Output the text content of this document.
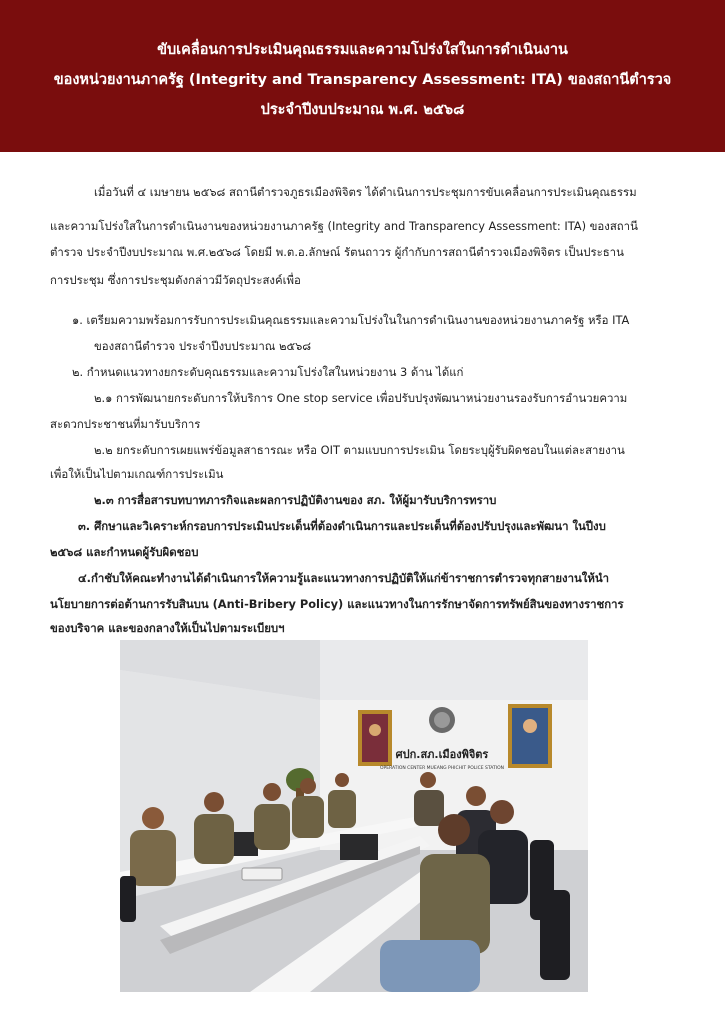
ขับเคลื่อนการประเมินคุณธรรมและความโปร่งใสในการดำเนินงาน
ของหน่วยงานภาครัฐ (Integrity and Transparency Assessment: ITA) ของสถานีตำรวจ
ประจำปีงบประมาณ พ.ศ. ๒๕๖๘
เมื่อวันที่ ๔ เมษายน ๒๕๖๘ สถานีตำรวจภูธรเมืองพิจิตร ได้ดำเนินการประชุมการขับเคลื่อนการประเมินคุณธรรม
และความโปร่งใสในการดำเนินงานของหน่วยงานภาครัฐ (Integrity and Transparency Assessment: ITA) ของสถานี
ตำรวจ ประจำปีงบประมาณ พ.ศ.๒๕๖๘ โดยมี พ.ต.อ.ลักษณ์ รัตนถาวร ผู้กำกับการสถานีตำรวจเมืองพิจิตร เป็นประธาน
การประชุม ซึ่งการประชุมดังกล่าวมีวัตถุประสงค์เพื่อ
๑. เตรียมความพร้อมการรับการประเมินคุณธรรมและความโปร่งในในการดำเนินงานของหน่วยงานภาครัฐ หรือ ITA
ของสถานีตำรวจ ประจำปีงบประมาณ ๒๕๖๘
๒. กำหนดแนวทางยกระดับคุณธรรมและความโปร่งใสในหน่วยงาน 3 ด้าน ได้แก่
๒.๑ การพัฒนายกระดับการให้บริการ One stop service เพื่อปรับปรุงพัฒนาหน่วยงานรองรับการอำนวยความ
สะดวกประชาชนที่มารับบริการ
๒.๒ ยกระดับการเผยแพร่ข้อมูลสาธารณะ หรือ OIT ตามแบบการประเมิน โดยระบุผู้รับผิดชอบในแต่ละสายงาน
เพื่อให้เป็นไปตามเกณฑ์การประเมิน
๒.๓ การสื่อสารบทบาทภารกิจและผลการปฏิบัติงานของ สภ. ให้ผู้มารับบริการทราบ
๓. ศึกษาและวิเคราะห์กรอบการประเมินประเด็นที่ต้องดำเนินการและประเด็นที่ต้องปรับปรุงและพัฒนา ในปีงบ
๒๕๖๘ และกำหนดผู้รับผิดชอบ
๔.กำชับให้คณะทำงานได้ดำเนินการให้ความรู้และแนวทางการปฏิบัติให้แก่ข้าราชการตำรวจทุกสายงานให้นำ
นโยบายการต่อต้านการรับสินบน (Anti-Bribery Policy) และแนวทางในการรักษาจัดการทรัพย์สินของทางราชการ
ของบริจาค และของกลางให้เป็นไปตามระเบียบฯ
ศปก.สภ.เมืองพิจิตร
OPERATION CENTER MUEANG PHICHIT POLICE STATION
